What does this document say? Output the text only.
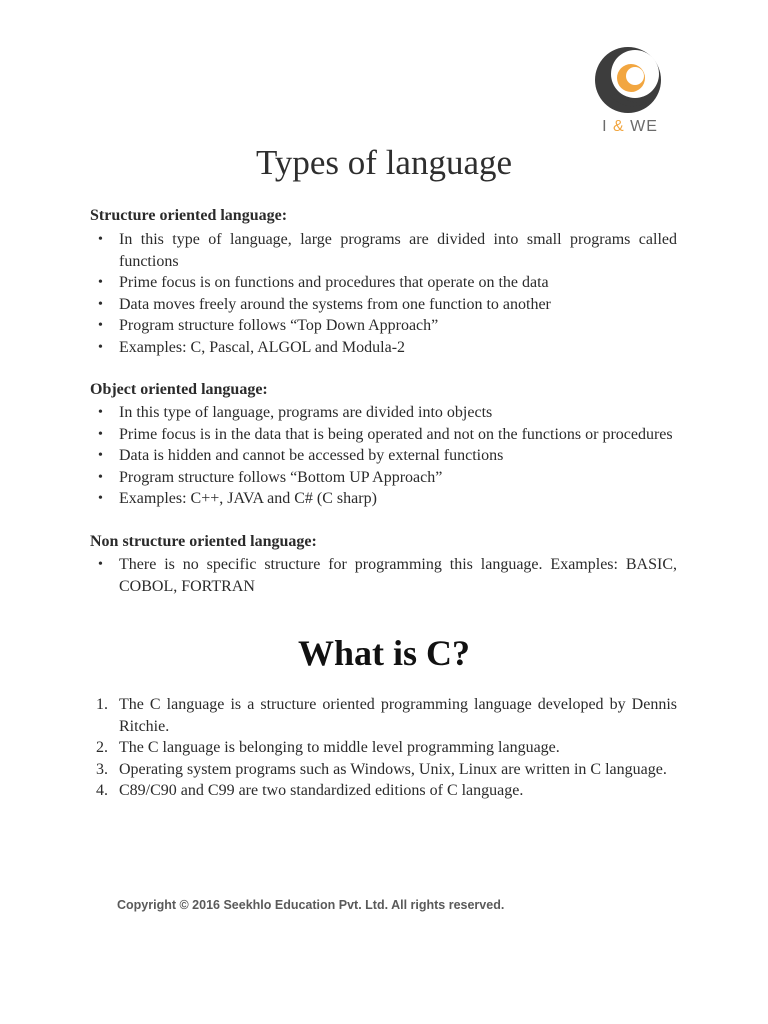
I & WE
Types of language

Structure oriented language:

• In this type of language, large programs are divided into small programs called functions
• Prime focus is on functions and procedures that operate on the data
• Data moves freely around the systems from one function to another
• Program structure follows “Top Down Approach”
• Examples: C, Pascal, ALGOL and Modula-2

Object oriented language:

• In this type of language, programs are divided into objects
• Prime focus is in the data that is being operated and not on the functions or procedures
• Data is hidden and cannot be accessed by external functions
• Program structure follows “Bottom UP Approach”
• Examples: C++, JAVA and C# (C sharp)

Non structure oriented language:

• There is no specific structure for programming this language. Examples: BASIC, COBOL, FORTRAN
What is C?
1. The C language is a structure oriented programming language developed by Dennis Ritchie.
2. The C language is belonging to middle level programming language.
3. Operating system programs such as Windows, Unix, Linux are written in C language.
4. C89/C90 and C99 are two standardized editions of C language.

Copyright © 2016 Seekhlo Education Pvt. Ltd. All rights reserved.
